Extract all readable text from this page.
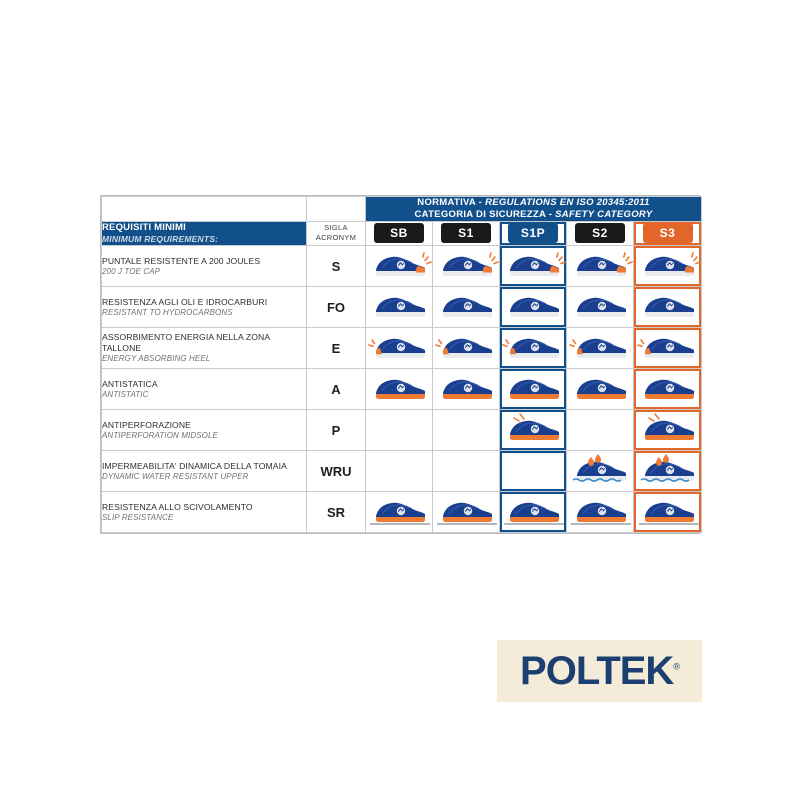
		NORMATIVA - REGULATIONS EN ISO 20345:2011
CATEGORIA DI SICUREZZA - SAFETY CATEGORY				

REQUISITI MINIMI
MINIMUM REQUIREMENTS:

SIGLA
ACRONYM	SB	S1	S1P	S2	S3

PUNTALE RESISTENTE A 200 JOULES
200 J TOE CAP	S	

RESISTENZA AGLI OLI E IDROCARBURI
RESISTANT TO HYDROCARBONS	FO	

ASSORBIMENTO ENERGIA NELLA ZONA TALLONE
ENERGY ABSORBING HEEL	E	

ANTISTATICA
ANTISTATIC	A	

ANTIPERFORAZIONE
ANTIPERFORATION MIDSOLE	P			

IMPERMEABILITA' DINAMICA DELLA TOMAIA
DYNAMIC WATER RESISTANT UPPER	WRU				

RESISTENZA ALLO SCIVOLAMENTO
SLIP RESISTANCE	SR	

POLTEK®
